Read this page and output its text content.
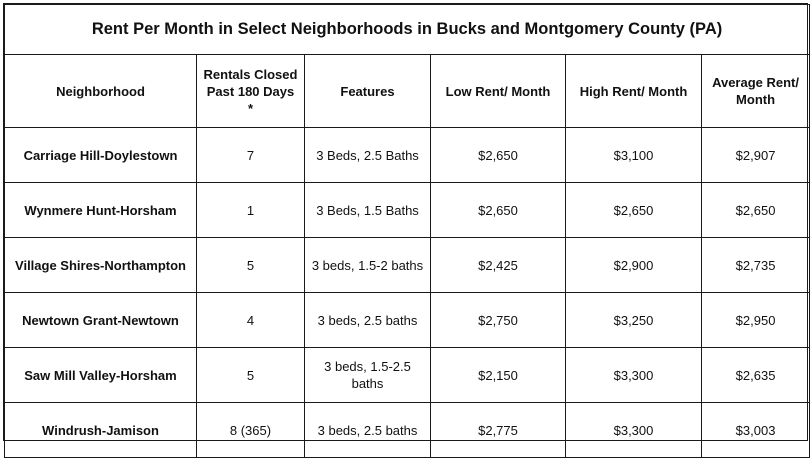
Rent Per Month in Select Neighborhoods in Bucks and Montgomery County (PA)					
Neighborhood	Rentals Closed Past 180 Days *	Features	Low Rent/ Month	High Rent/ Month	Average Rent/ Month
Carriage Hill-Doylestown	7	3 Beds, 2.5 Baths	$2,650	$3,100	$2,907
Wynmere Hunt-Horsham	1	3 Beds, 1.5 Baths	$2,650	$2,650	$2,650
Village Shires-Northampton	5	3 beds, 1.5-2 baths	$2,425	$2,900	$2,735
Newtown Grant-Newtown	4	3 beds, 2.5 baths	$2,750	$3,250	$2,950
Saw Mill Valley-Horsham	5	3 beds, 1.5-2.5 baths	$2,150	$3,300	$2,635
Windrush-Jamison	8 (365)	3 beds, 2.5 baths	$2,775	$3,300	$3,003
